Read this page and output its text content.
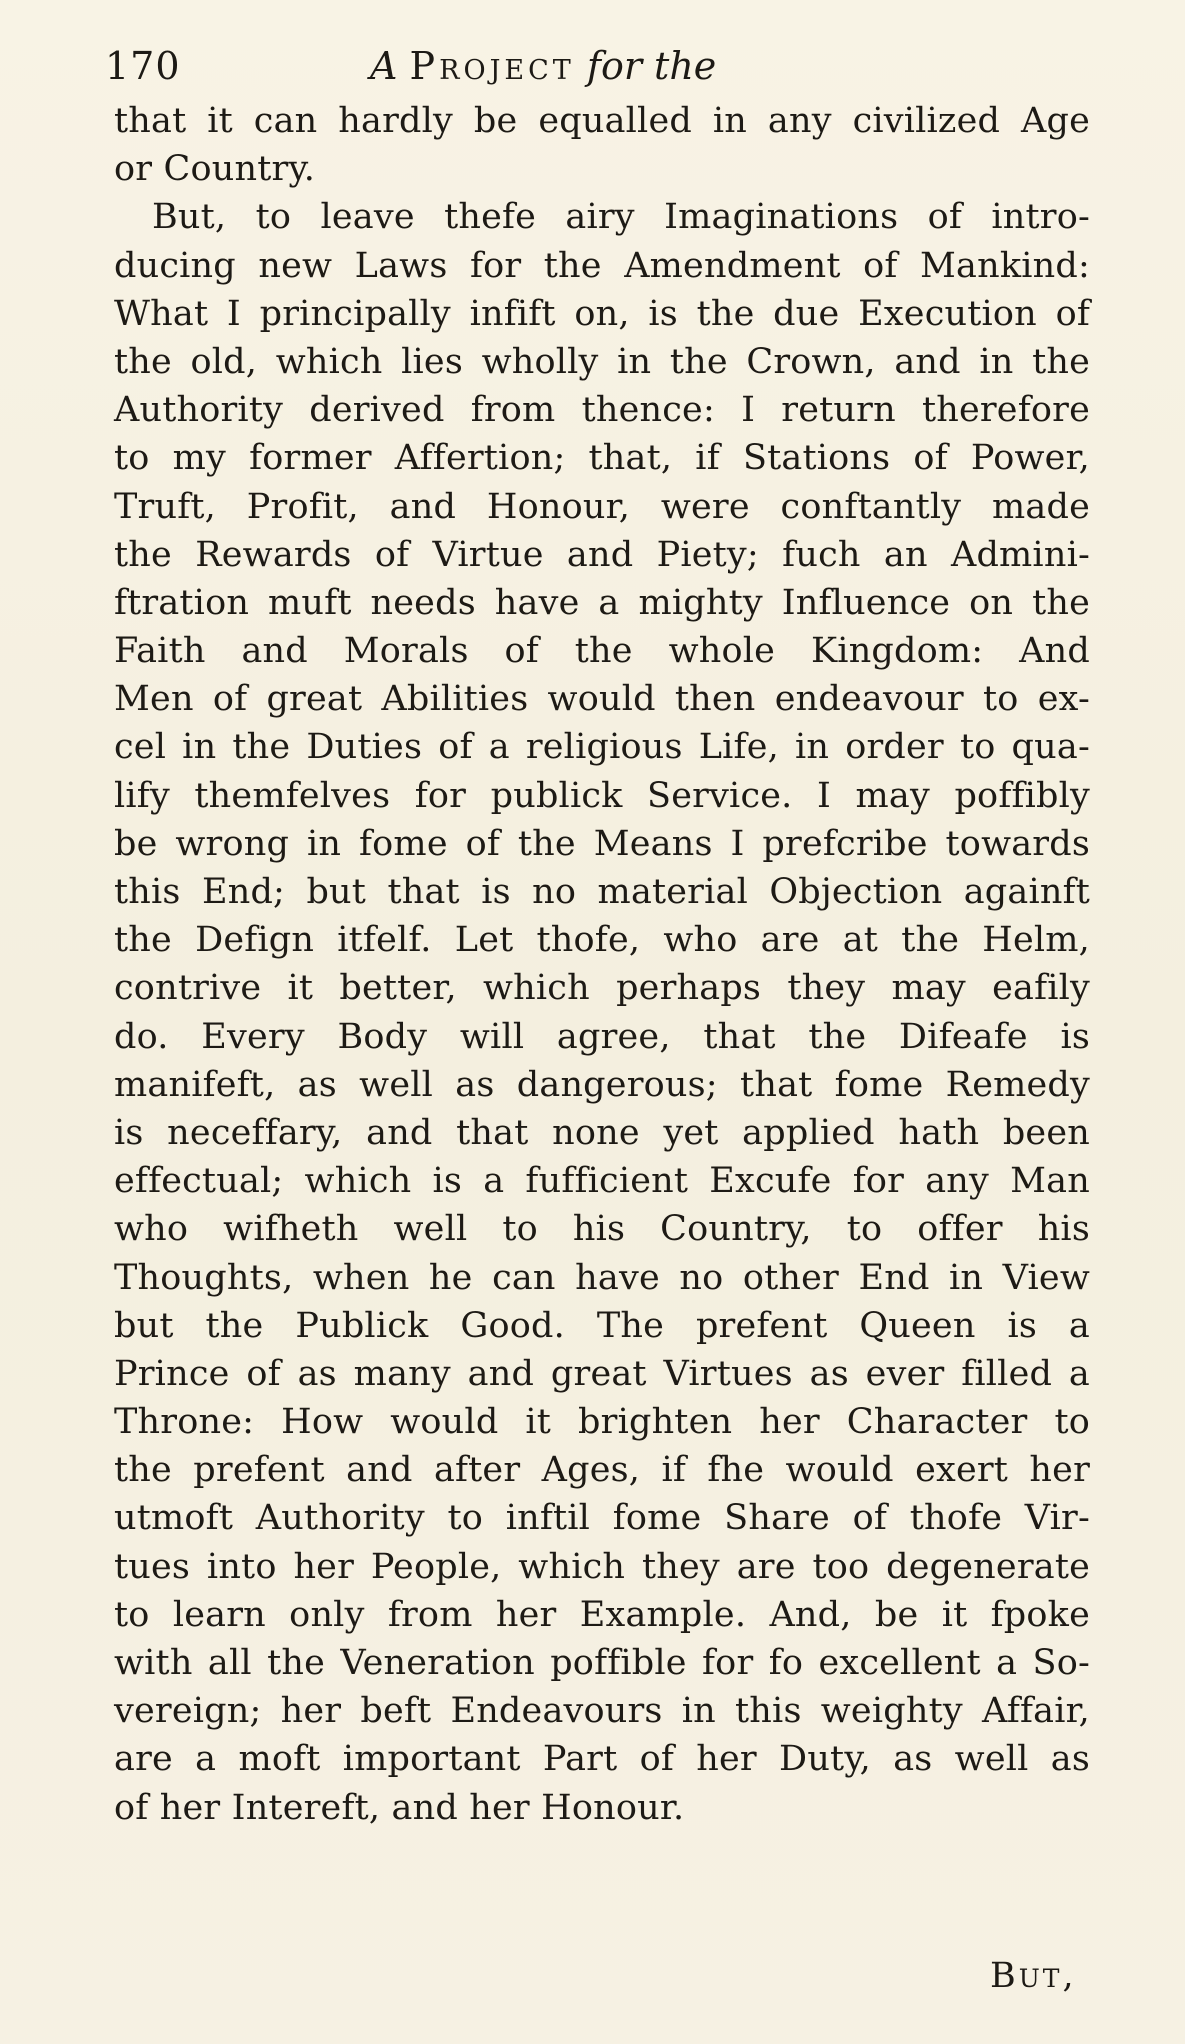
170	A Project for the
that it can hardly be equalled in any civilized Age
or Country.
But, to leave thefe airy Imaginations of intro-
ducing new Laws for the Amendment of Mankind:
What I principally infift on, is the due Execution of
the old, which lies wholly in the Crown, and in the
Authority derived from thence: I return therefore
to my former Affertion; that, if Stations of Power,
Truft, Profit, and Honour, were conftantly made
the Rewards of Virtue and Piety; fuch an Admini-
ftration muft needs have a mighty Influence on the
Faith and Morals of the whole Kingdom: And
Men of great Abilities would then endeavour to ex-
cel in the Duties of a religious Life, in order to qua-
lify themfelves for publick Service. I may poffibly
be wrong in fome of the Means I prefcribe towards
this End; but that is no material Objection againft
the Defign itfelf. Let thofe, who are at the Helm,
contrive it better, which perhaps they may eafily
do. Every Body will agree, that the Difeafe is
manifeft, as well as dangerous; that fome Remedy
is neceffary, and that none yet applied hath been
effectual; which is a fufficient Excufe for any Man
who wifheth well to his Country, to offer his
Thoughts, when he can have no other End in View
but the Publick Good. The prefent Queen is a
Prince of as many and great Virtues as ever filled a
Throne: How would it brighten her Character to
the prefent and after Ages, if fhe would exert her
utmoft Authority to inftil fome Share of thofe Vir-
tues into her People, which they are too degenerate
to learn only from her Example. And, be it fpoke
with all the Veneration poffible for fo excellent a So-
vereign; her beft Endeavours in this weighty Affair,
are a moft important Part of her Duty, as well as
of her Intereft, and her Honour.
But,
